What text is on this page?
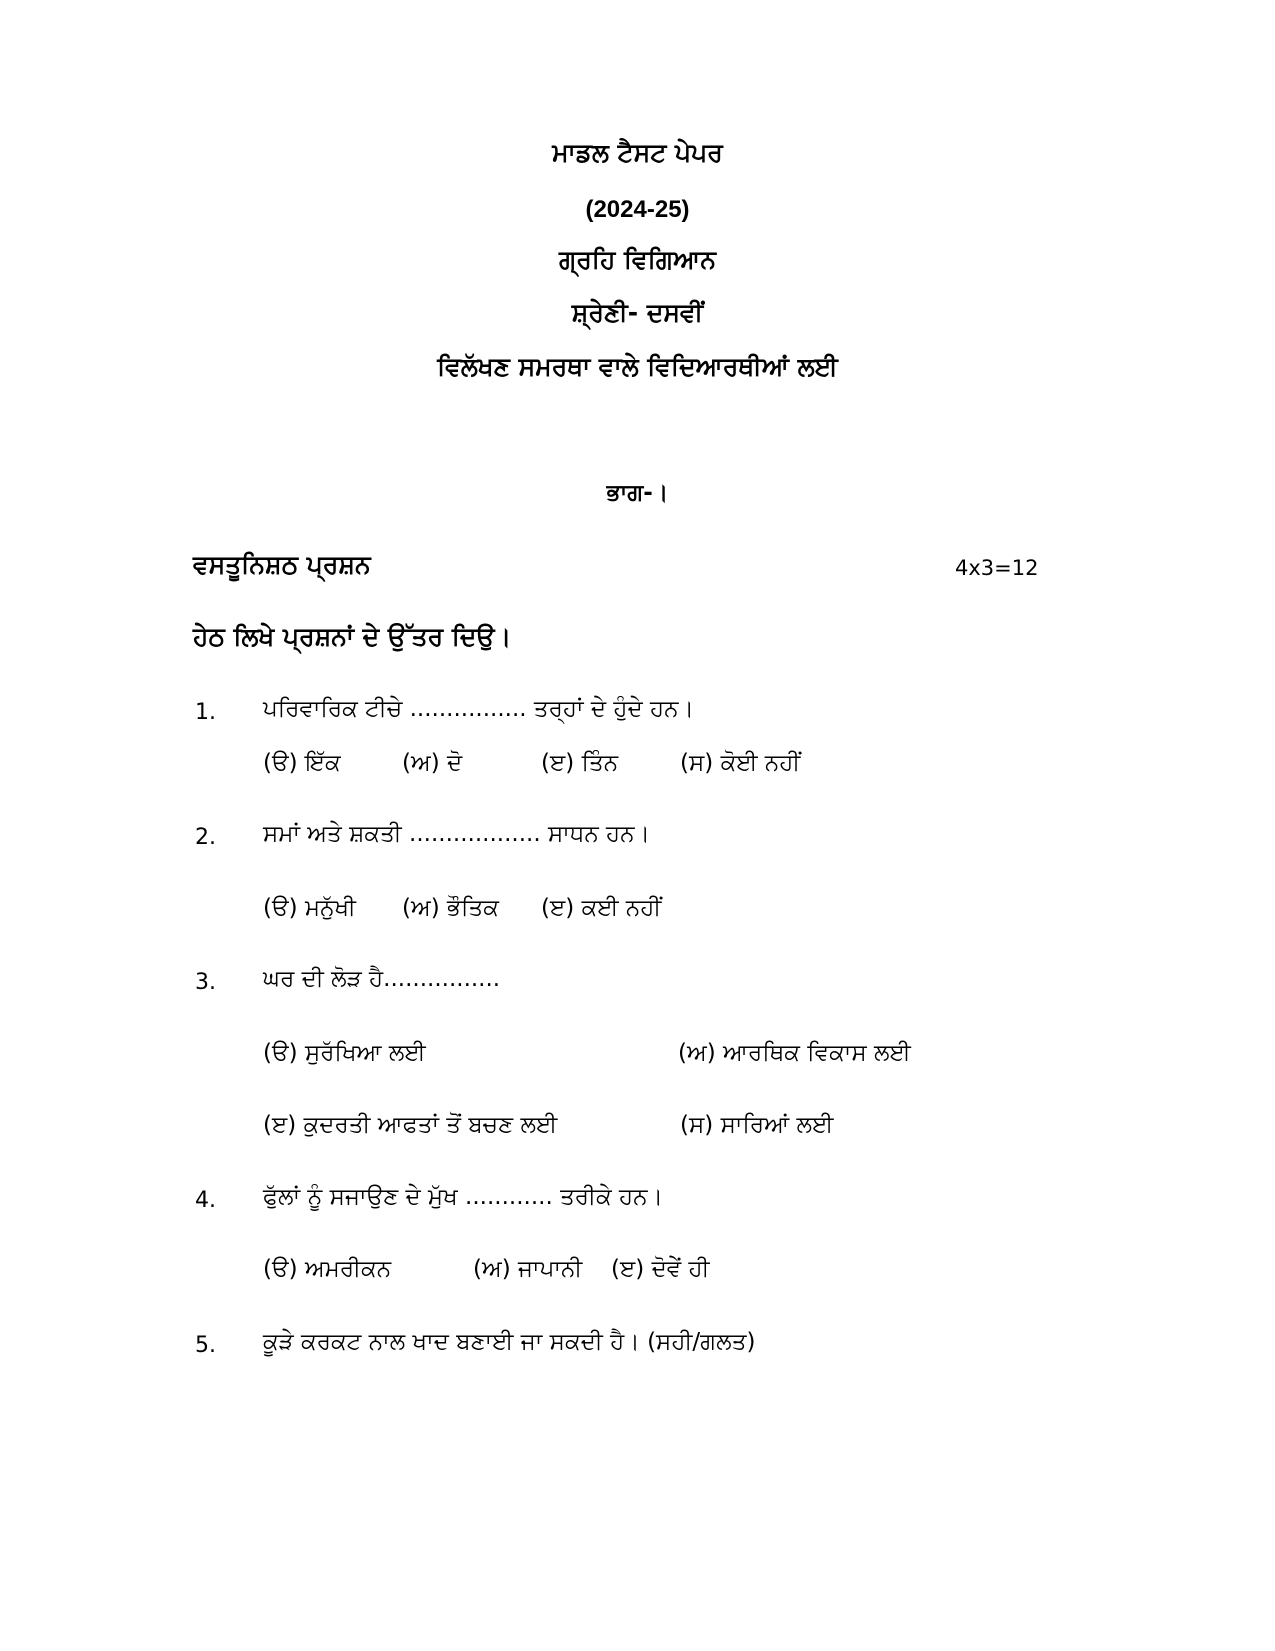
ਮਾਡਲ ਟੈਸਟ ਪੇਪਰ
(2024-25)
ਗ੍ਰਹਿ ਵਿਗਿਆਨ
ਸ਼੍ਰੇਣੀ- ਦਸਵੀਂ
ਵਿਲੱਖਣ ਸਮਰਥਾ ਵਾਲੇ ਵਿਦਿਆਰਥੀਆਂ ਲਈ
ਭਾਗ-।
ਵਸਤੂਨਿਸ਼ਠ ਪ੍ਰਸ਼ਨ	4x3=12
ਹੇਠ ਲਿਖੇ ਪ੍ਰਸ਼ਨਾਂ ਦੇ ਉੱਤਰ ਦਿਉ।
1. ਪਰਿਵਾਰਿਕ ਟੀਚੇ ................ ਤਰ੍ਹਾਂ ਦੇ ਹੁੰਦੇ ਹਨ।
(ੳ) ਇੱਕ	(ਅ) ਦੋ	(ੲ) ਤਿੰਨ	(ਸ) ਕੋਈ ਨਹੀਂ
2. ਸਮਾਂ ਅਤੇ ਸ਼ਕਤੀ .................. ਸਾਧਨ ਹਨ।
(ੳ) ਮਨੁੱਖੀ (ਅ) ਭੌਤਿਕ (ੲ) ਕਈ ਨਹੀਂ
3. ਘਰ ਦੀ ਲੋੜ ਹੈ................
(ੳ) ਸੁਰੱਖਿਆ ਲਈ	(ਅ) ਆਰਥਿਕ ਵਿਕਾਸ ਲਈ
(ੲ) ਕੁਦਰਤੀ ਆਫਤਾਂ ਤੋਂ ਬਚਣ ਲਈ	(ਸ) ਸਾਰਿਆਂ ਲਈ
4. ਫੁੱਲਾਂ ਨੂੰ ਸਜਾਉਣ ਦੇ ਮੁੱਖ ............ ਤਰੀਕੇ ਹਨ।
(ੳ) ਅਮਰੀਕਨ	(ਅ) ਜਾਪਾਨੀ (ੲ) ਦੋਵੇਂ ਹੀ
5. ਕੂੜੇ ਕਰਕਟ ਨਾਲ ਖਾਦ ਬਣਾਈ ਜਾ ਸਕਦੀ ਹੈ। (ਸਹੀ/ਗਲਤ)
